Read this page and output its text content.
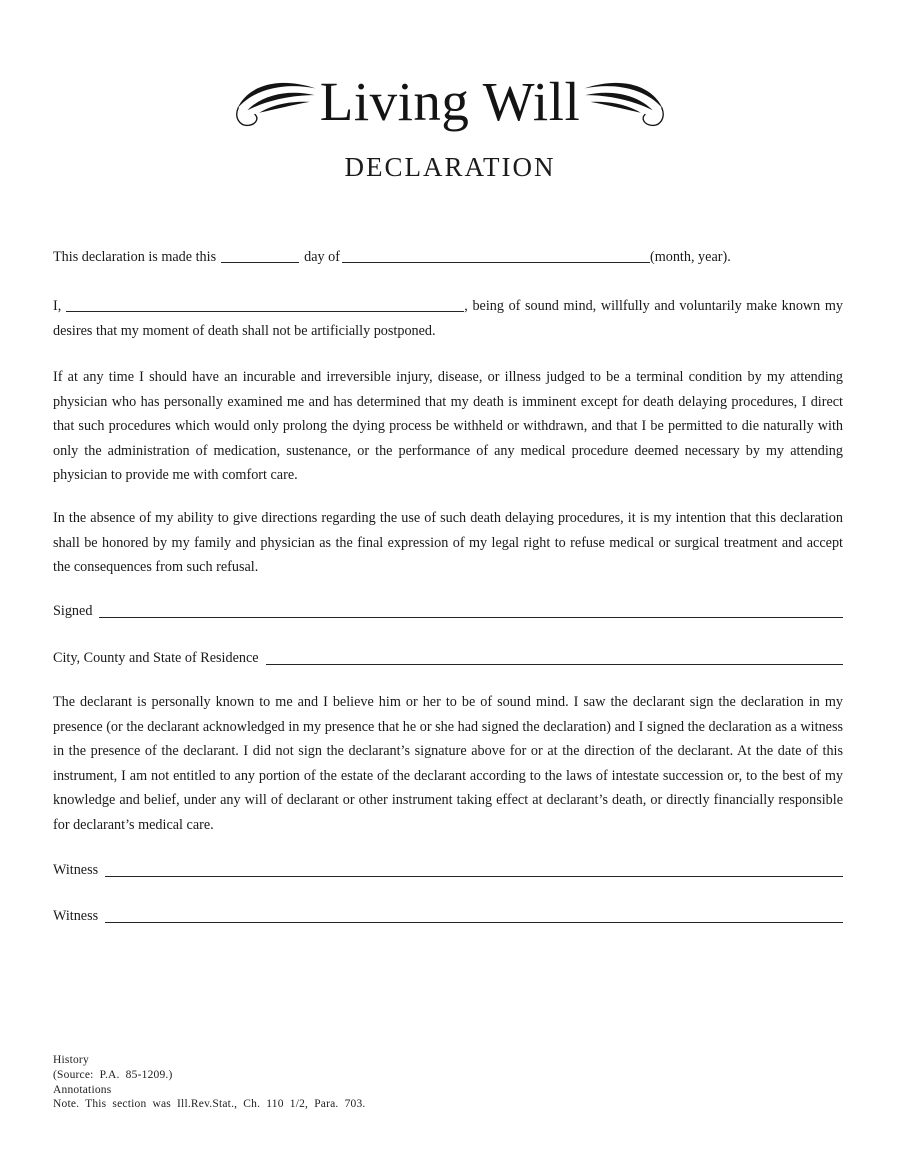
Living Will
DECLARATION
This declaration is made this	day of	(month, year).
I,	, being of sound mind, willfully and voluntarily make known my desires that my moment of death shall not be artificially postponed.
If at any time I should have an incurable and irreversible injury, disease, or illness judged to be a terminal condition by my attending physician who has personally examined me and has determined that my death is imminent except for death delaying procedures, I direct that such procedures which would only prolong the dying process be withheld or withdrawn, and that I be permitted to die naturally with only the administration of medication, sustenance, or the performance of any medical procedure deemed necessary by my attending physician to provide me with comfort care.
In the absence of my ability to give directions regarding the use of such death delaying procedures, it is my intention that this declaration shall be honored by my family and physician as the final expression of my legal right to refuse medical or surgical treatment and accept the consequences from such refusal.
Signed
City, County and State of Residence
The declarant is personally known to me and I believe him or her to be of sound mind. I saw the declarant sign the declaration in my presence (or the declarant acknowledged in my presence that he or she had signed the declaration) and I signed the declaration as a witness in the presence of the declarant. I did not sign the declarant’s signature above for or at the direction of the declarant. At the date of this instrument, I am not entitled to any portion of the estate of the declarant according to the laws of intestate succession or, to the best of my knowledge and belief, under any will of declarant or other instrument taking effect at declarant’s death, or directly financially responsible for declarant’s medical care.
Witness
Witness
History
(Source: P.A. 85-1209.)
Annotations
Note. This section was Ill.Rev.Stat., Ch. 110 1/2, Para. 703.
